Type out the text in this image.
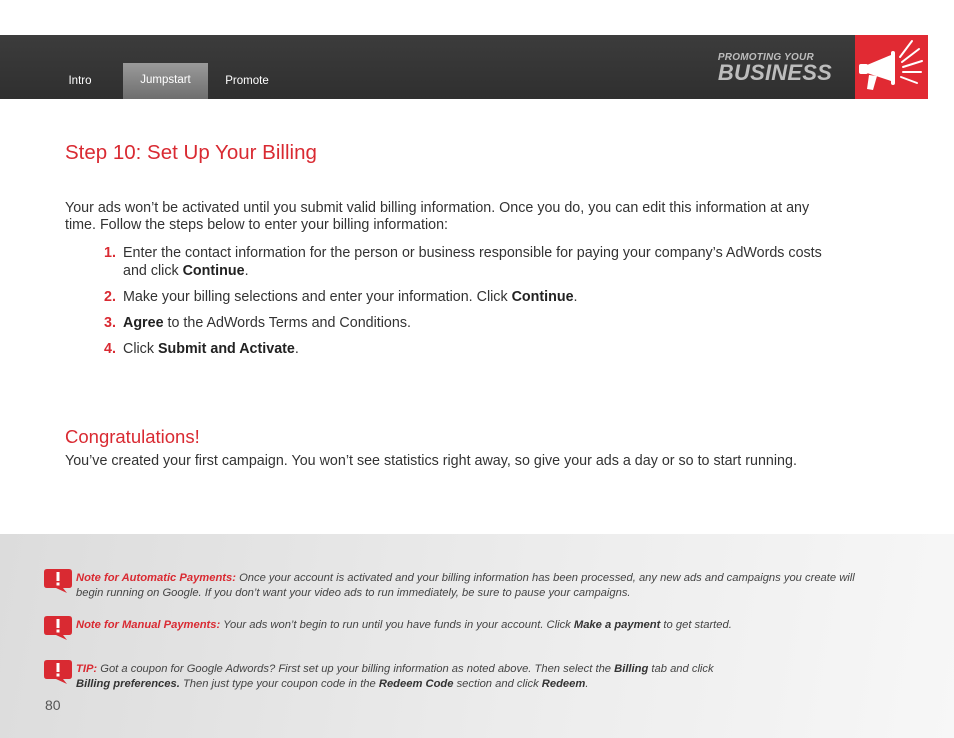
Intro	Jumpstart	Promote
PROMOTING YOUR
BUSINESS
Step 10: Set Up Your Billing
Your ads won’t be activated until you submit valid billing information. Once you do, you can edit this information at any time. Follow the steps below to enter your billing information:
1. Enter the contact information for the person or business responsible for paying your company’s AdWords costs and click Continue.
2. Make your billing selections and enter your information. Click Continue.
3. Agree to the AdWords Terms and Conditions.
4. Click Submit and Activate.
Congratulations!
You’ve created your first campaign. You won’t see statistics right away, so give your ads a day or so to start running.
Note for Automatic Payments: Once your account is activated and your billing information has been processed, any new ads and campaigns you create will begin running on Google. If you don’t want your video ads to run immediately, be sure to pause your campaigns.
Note for Manual Payments: Your ads won’t begin to run until you have funds in your account. Click Make a payment to get started.
TIP: Got a coupon for Google Adwords? First set up your billing information as noted above. Then select the Billing tab and click
Billing preferences. Then just type your coupon code in the Redeem Code section and click Redeem.
80
